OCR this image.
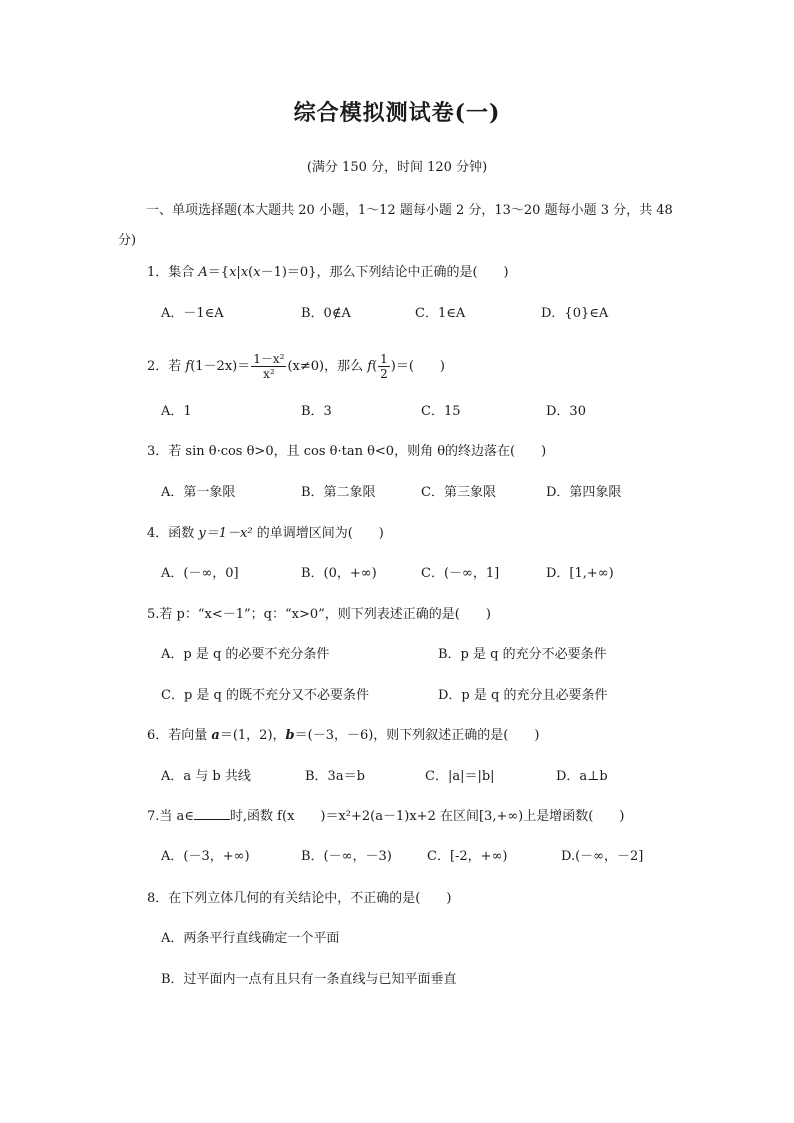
综合模拟测试卷(一)
(满分 150 分，时间 120 分钟)
一、单项选择题(本大题共 20 小题，1～12 题每小题 2 分，13～20 题每小题 3 分，共 48 分)
1．集合 A＝{x|x(x－1)＝0}，那么下列结论中正确的是(　　)
A．－1∈A	B．0∉A	C．1∈A	D．{0}∈A
2．若 $f(1-2x)= \frac{\text{1－x²}}{\text{x²}} (x\ne 0)$，那么 $f( \frac{1}{2}$ )＝(　　)
A．1	B．3	C．15	D．30
3．若 sin θ·cos θ>0，且 cos θ·tan θ<0，则角 θ的终边落在(　　)
A．第一象限	B．第二象限	C．第三象限	D．第四象限
4．函数 y＝1－x² 的单调增区间为(　　)
A．(－∞，0]	B．(0，+∞)	C．(－∞，1]	D．[1,+∞)
5.若 p：“x<－1”；q：“x>0”，则下列表述正确的是(　　)
A．p 是 q 的必要不充分条件	B．p 是 q 的充分不必要条件
C．p 是 q 的既不充分又不必要条件	D．p 是 q 的充分且必要条件
6．若向量 a＝(1，2)，b＝(－3，－6)，则下列叙述正确的是(　　)
A．a 与 b 共线	B．3a＝b	C．|a|＝|b|	D．a⊥b
7.当 a∈	时,函数 f(x　　)＝x²+2(a－1)x+2 在区间[3,+∞)上是增函数(　　)
A．(－3，+∞)	B．(－∞，－3)	C．[-2，+∞)	D.(－∞，－2]
8．在下列立体几何的有关结论中，不正确的是(　　)
A．两条平行直线确定一个平面
B．过平面内一点有且只有一条直线与已知平面垂直
